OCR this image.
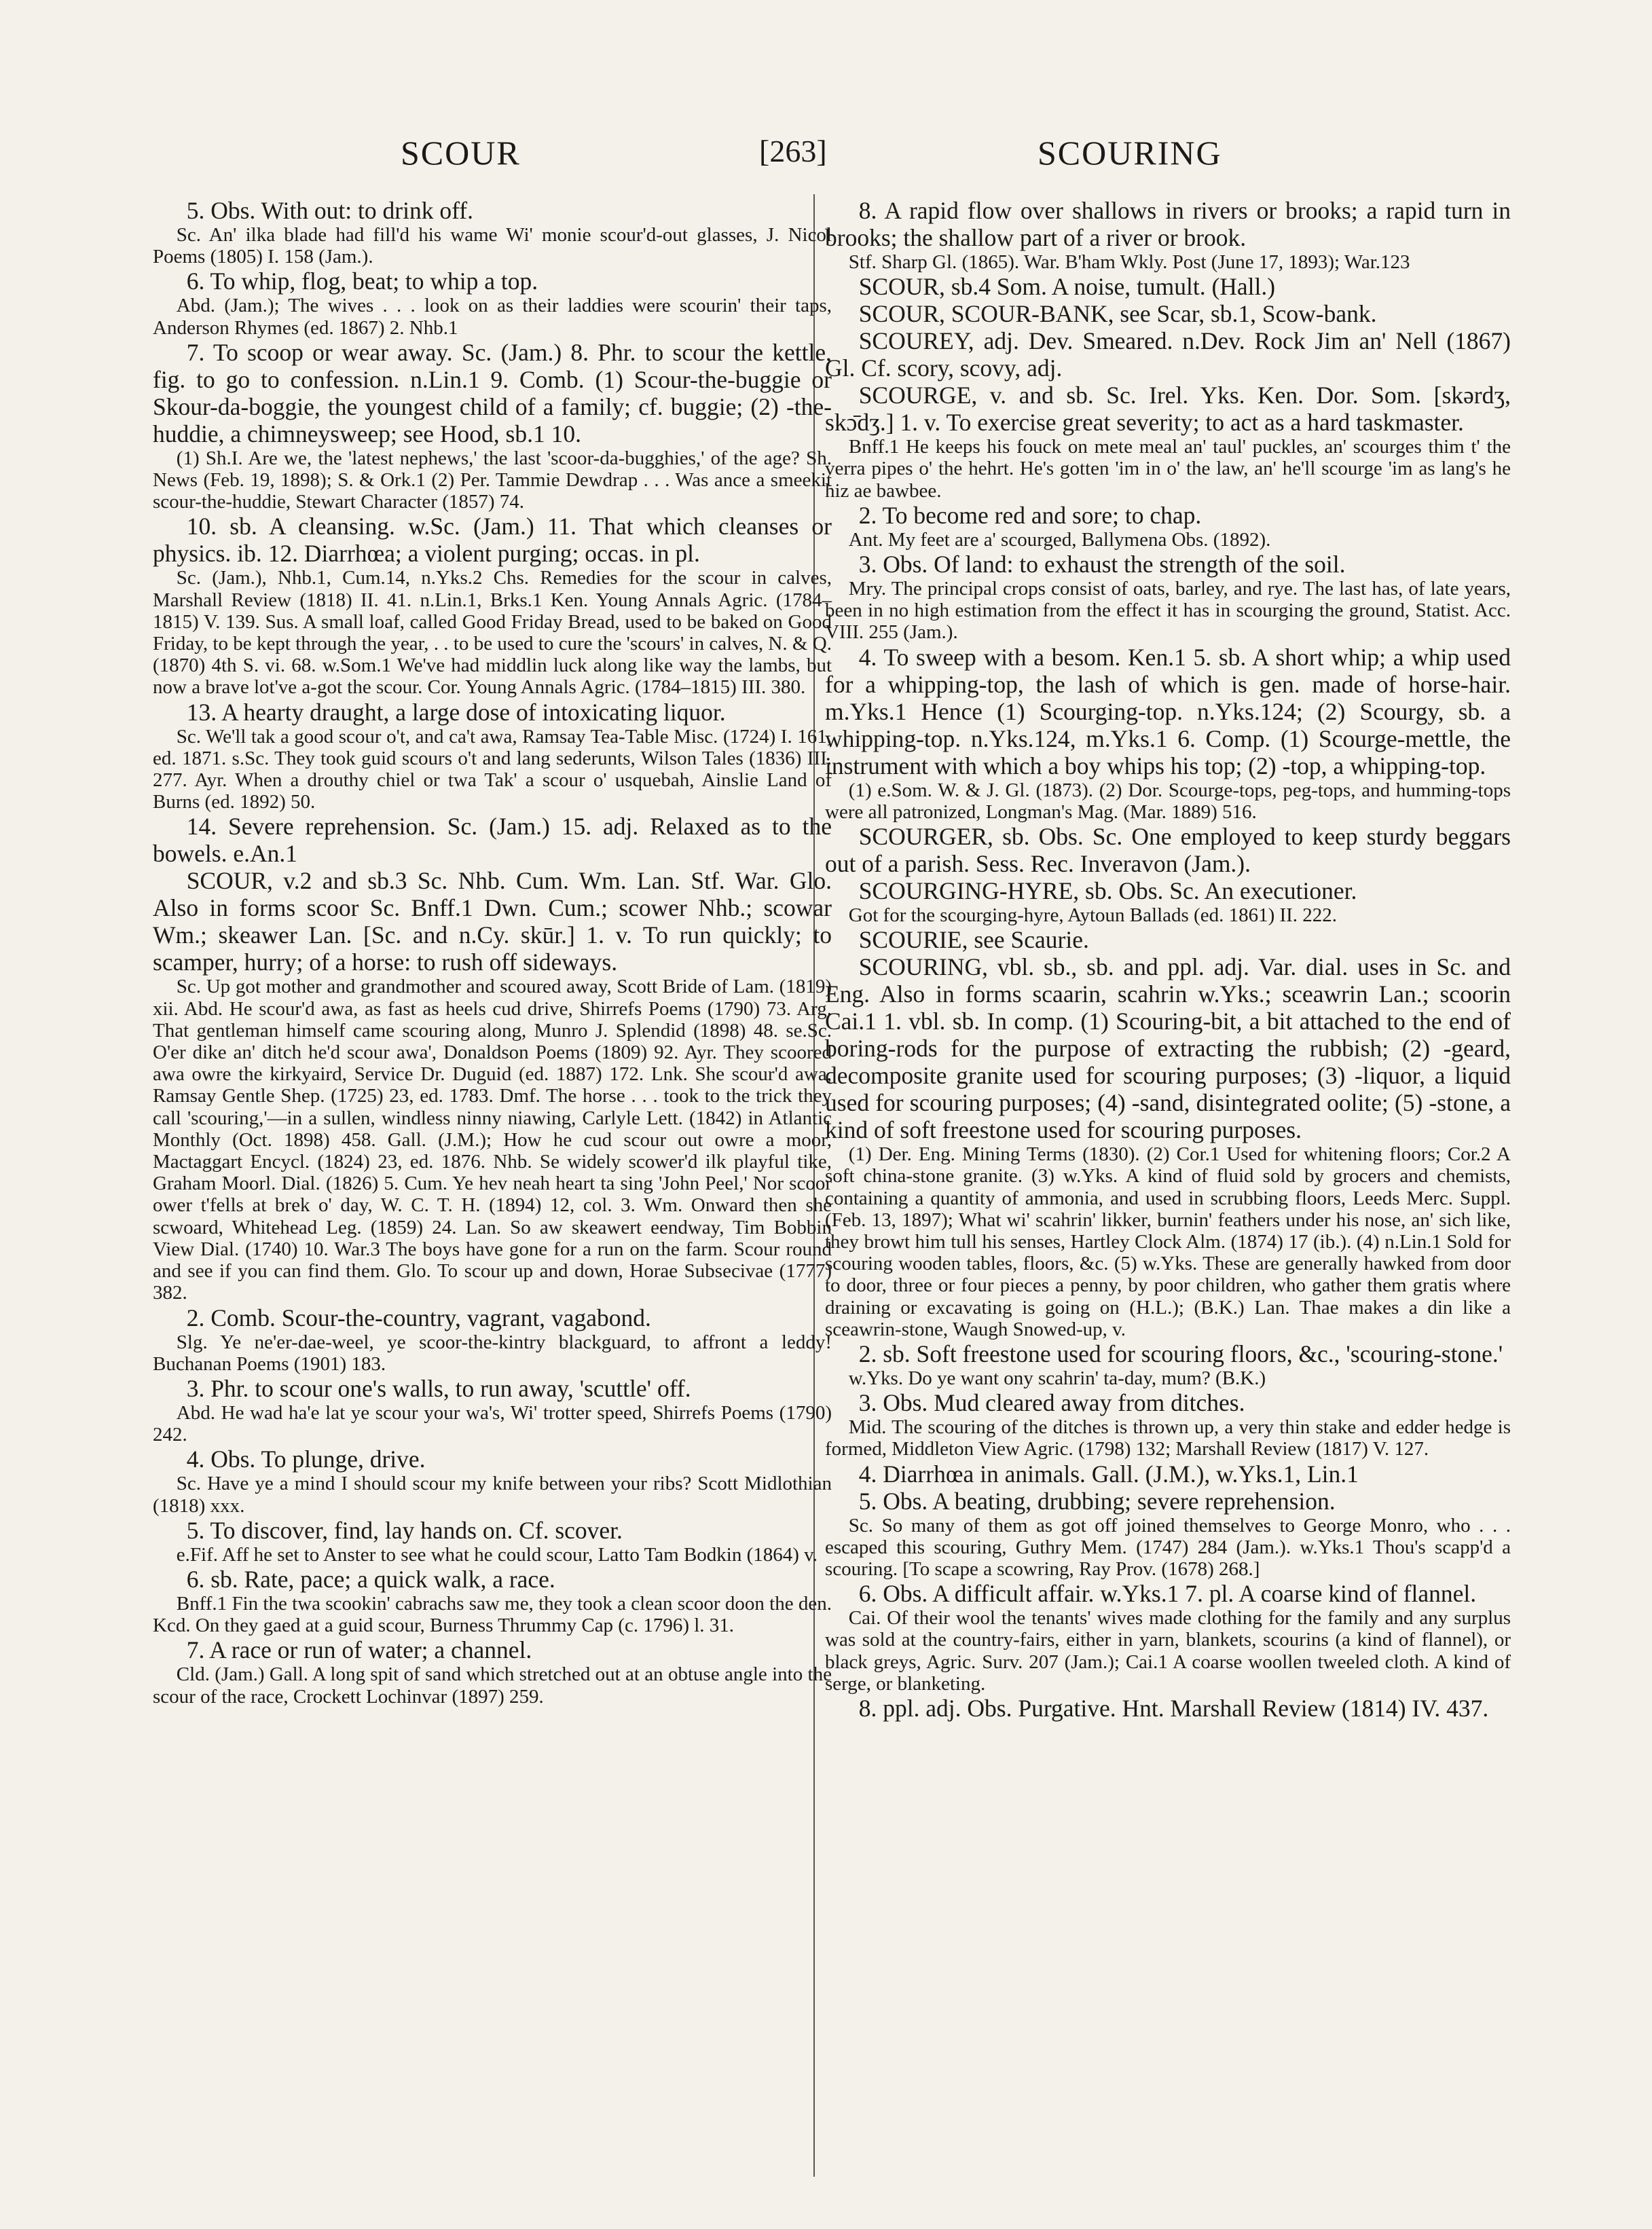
SCOUR	[263]	SCOURING

5. Obs. With out: to drink off.

Sc. An' ilka blade had fill'd his wame Wi' monie scour'd-out glasses, J. Nicol Poems (1805) I. 158 (Jam.).

6. To whip, flog, beat; to whip a top.

Abd. (Jam.); The wives . . . look on as their laddies were scourin' their taps, Anderson Rhymes (ed. 1867) 2. Nhb.1

7. To scoop or wear away. Sc. (Jam.) 8. Phr. to scour the kettle, fig. to go to confession. n.Lin.1 9. Comb. (1) Scour-the-buggie or Skour-da-boggie, the youngest child of a family; cf. buggie; (2) -the-huddie, a chimneysweep; see Hood, sb.1 10.

(1) Sh.I. Are we, the 'latest nephews,' the last 'scoor-da-bugghies,' of the age? Sh. News (Feb. 19, 1898); S. & Ork.1 (2) Per. Tammie Dewdrap . . . Was ance a smeekit scour-the-huddie, Stewart Character (1857) 74.

10. sb. A cleansing. w.Sc. (Jam.) 11. That which cleanses or physics. ib. 12. Diarrhœa; a violent purging; occas. in pl.

Sc. (Jam.), Nhb.1, Cum.14, n.Yks.2 Chs. Remedies for the scour in calves, Marshall Review (1818) II. 41. n.Lin.1, Brks.1 Ken. Young Annals Agric. (1784–1815) V. 139. Sus. A small loaf, called Good Friday Bread, used to be baked on Good Friday, to be kept through the year, . . to be used to cure the 'scours' in calves, N. & Q. (1870) 4th S. vi. 68. w.Som.1 We've had middlin luck along like way the lambs, but now a brave lot've a-got the scour. Cor. Young Annals Agric. (1784–1815) III. 380.

13. A hearty draught, a large dose of intoxicating liquor.

Sc. We'll tak a good scour o't, and ca't awa, Ramsay Tea-Table Misc. (1724) I. 161, ed. 1871. s.Sc. They took guid scours o't and lang sederunts, Wilson Tales (1836) III. 277. Ayr. When a drouthy chiel or twa Tak' a scour o' usquebah, Ainslie Land of Burns (ed. 1892) 50.

14. Severe reprehension. Sc. (Jam.) 15. adj. Relaxed as to the bowels. e.An.1

SCOUR, v.2 and sb.3 Sc. Nhb. Cum. Wm. Lan. Stf. War. Glo. Also in forms scoor Sc. Bnff.1 Dwn. Cum.; scower Nhb.; scowar Wm.; skeawer Lan. [Sc. and n.Cy. skūr.] 1. v. To run quickly; to scamper, hurry; of a horse: to rush off sideways.

Sc. Up got mother and grandmother and scoured away, Scott Bride of Lam. (1819) xii. Abd. He scour'd awa, as fast as heels cud drive, Shirrefs Poems (1790) 73. Arg. That gentleman himself came scouring along, Munro J. Splendid (1898) 48. se.Sc. O'er dike an' ditch he'd scour awa', Donaldson Poems (1809) 92. Ayr. They scoored awa owre the kirkyaird, Service Dr. Duguid (ed. 1887) 172. Lnk. She scour'd awa, Ramsay Gentle Shep. (1725) 23, ed. 1783. Dmf. The horse . . . took to the trick they call 'scouring,'—in a sullen, windless ninny niawing, Carlyle Lett. (1842) in Atlantic Monthly (Oct. 1898) 458. Gall. (J.M.); How he cud scour out owre a moor, Mactaggart Encycl. (1824) 23, ed. 1876. Nhb. Se widely scower'd ilk playful tike, Graham Moorl. Dial. (1826) 5. Cum. Ye hev neah heart ta sing 'John Peel,' Nor scoor ower t'fells at brek o' day, W. C. T. H. (1894) 12, col. 3. Wm. Onward then she scwoard, Whitehead Leg. (1859) 24. Lan. So aw skeawert eendway, Tim Bobbin View Dial. (1740) 10. War.3 The boys have gone for a run on the farm. Scour round and see if you can find them. Glo. To scour up and down, Horae Subsecivae (1777) 382.

2. Comb. Scour-the-country, vagrant, vagabond.

Slg. Ye ne'er-dae-weel, ye scoor-the-kintry blackguard, to affront a leddy! Buchanan Poems (1901) 183.

3. Phr. to scour one's walls, to run away, 'scuttle' off.

Abd. He wad ha'e lat ye scour your wa's, Wi' trotter speed, Shirrefs Poems (1790) 242.

4. Obs. To plunge, drive.

Sc. Have ye a mind I should scour my knife between your ribs? Scott Midlothian (1818) xxx.

5. To discover, find, lay hands on. Cf. scover.

e.Fif. Aff he set to Anster to see what he could scour, Latto Tam Bodkin (1864) v.

6. sb. Rate, pace; a quick walk, a race.

Bnff.1 Fin the twa scookin' cabrachs saw me, they took a clean scoor doon the den. Kcd. On they gaed at a guid scour, Burness Thrummy Cap (c. 1796) l. 31.

7. A race or run of water; a channel.

Cld. (Jam.) Gall. A long spit of sand which stretched out at an obtuse angle into the scour of the race, Crockett Lochinvar (1897) 259.

8. A rapid flow over shallows in rivers or brooks; a rapid turn in brooks; the shallow part of a river or brook.

Stf. Sharp Gl. (1865). War. B'ham Wkly. Post (June 17, 1893); War.123

SCOUR, sb.4 Som. A noise, tumult. (Hall.)

SCOUR, SCOUR-BANK, see Scar, sb.1, Scow-bank.

SCOUREY, adj. Dev. Smeared. n.Dev. Rock Jim an' Nell (1867) Gl. Cf. scory, scovy, adj.

SCOURGE, v. and sb. Sc. Irel. Yks. Ken. Dor. Som. [skərdʒ, skɔ̄dʒ.] 1. v. To exercise great severity; to act as a hard taskmaster.

Bnff.1 He keeps his fouck on mete meal an' taul' puckles, an' scourges thim t' the verra pipes o' the hehrt. He's gotten 'im in o' the law, an' he'll scourge 'im as lang's he hiz ae bawbee.

2. To become red and sore; to chap.

Ant. My feet are a' scourged, Ballymena Obs. (1892).

3. Obs. Of land: to exhaust the strength of the soil.

Mry. The principal crops consist of oats, barley, and rye. The last has, of late years, been in no high estimation from the effect it has in scourging the ground, Statist. Acc. VIII. 255 (Jam.).

4. To sweep with a besom. Ken.1 5. sb. A short whip; a whip used for a whipping-top, the lash of which is gen. made of horse-hair. m.Yks.1 Hence (1) Scourging-top. n.Yks.124; (2) Scourgy, sb. a whipping-top. n.Yks.124, m.Yks.1 6. Comp. (1) Scourge-mettle, the instrument with which a boy whips his top; (2) -top, a whipping-top.

(1) e.Som. W. & J. Gl. (1873). (2) Dor. Scourge-tops, peg-tops, and humming-tops were all patronized, Longman's Mag. (Mar. 1889) 516.

SCOURGER, sb. Obs. Sc. One employed to keep sturdy beggars out of a parish. Sess. Rec. Inveravon (Jam.).

SCOURGING-HYRE, sb. Obs. Sc. An executioner.

Got for the scourging-hyre, Aytoun Ballads (ed. 1861) II. 222.

SCOURIE, see Scaurie.

SCOURING, vbl. sb., sb. and ppl. adj. Var. dial. uses in Sc. and Eng. Also in forms scaarin, scahrin w.Yks.; sceawrin Lan.; scoorin Cai.1 1. vbl. sb. In comp. (1) Scouring-bit, a bit attached to the end of boring-rods for the purpose of extracting the rubbish; (2) -geard, decomposite granite used for scouring purposes; (3) -liquor, a liquid used for scouring purposes; (4) -sand, disintegrated oolite; (5) -stone, a kind of soft freestone used for scouring purposes.

(1) Der. Eng. Mining Terms (1830). (2) Cor.1 Used for whitening floors; Cor.2 A soft china-stone granite. (3) w.Yks. A kind of fluid sold by grocers and chemists, containing a quantity of ammonia, and used in scrubbing floors, Leeds Merc. Suppl. (Feb. 13, 1897); What wi' scahrin' likker, burnin' feathers under his nose, an' sich like, they browt him tull his senses, Hartley Clock Alm. (1874) 17 (ib.). (4) n.Lin.1 Sold for scouring wooden tables, floors, &c. (5) w.Yks. These are generally hawked from door to door, three or four pieces a penny, by poor children, who gather them gratis where draining or excavating is going on (H.L.); (B.K.) Lan. Thae makes a din like a sceawrin-stone, Waugh Snowed-up, v.

2. sb. Soft freestone used for scouring floors, &c., 'scouring-stone.'

w.Yks. Do ye want ony scahrin' ta-day, mum? (B.K.)

3. Obs. Mud cleared away from ditches.

Mid. The scouring of the ditches is thrown up, a very thin stake and edder hedge is formed, Middleton View Agric. (1798) 132; Marshall Review (1817) V. 127.

4. Diarrhœa in animals. Gall. (J.M.), w.Yks.1, Lin.1

5. Obs. A beating, drubbing; severe reprehension.

Sc. So many of them as got off joined themselves to George Monro, who . . . escaped this scouring, Guthry Mem. (1747) 284 (Jam.). w.Yks.1 Thou's scapp'd a scouring. [To scape a scowring, Ray Prov. (1678) 268.]

6. Obs. A difficult affair. w.Yks.1 7. pl. A coarse kind of flannel.

Cai. Of their wool the tenants' wives made clothing for the family and any surplus was sold at the country-fairs, either in yarn, blankets, scourins (a kind of flannel), or black greys, Agric. Surv. 207 (Jam.); Cai.1 A coarse woollen tweeled cloth. A kind of serge, or blanketing.

8. ppl. adj. Obs. Purgative. Hnt. Marshall Review (1814) IV. 437.
